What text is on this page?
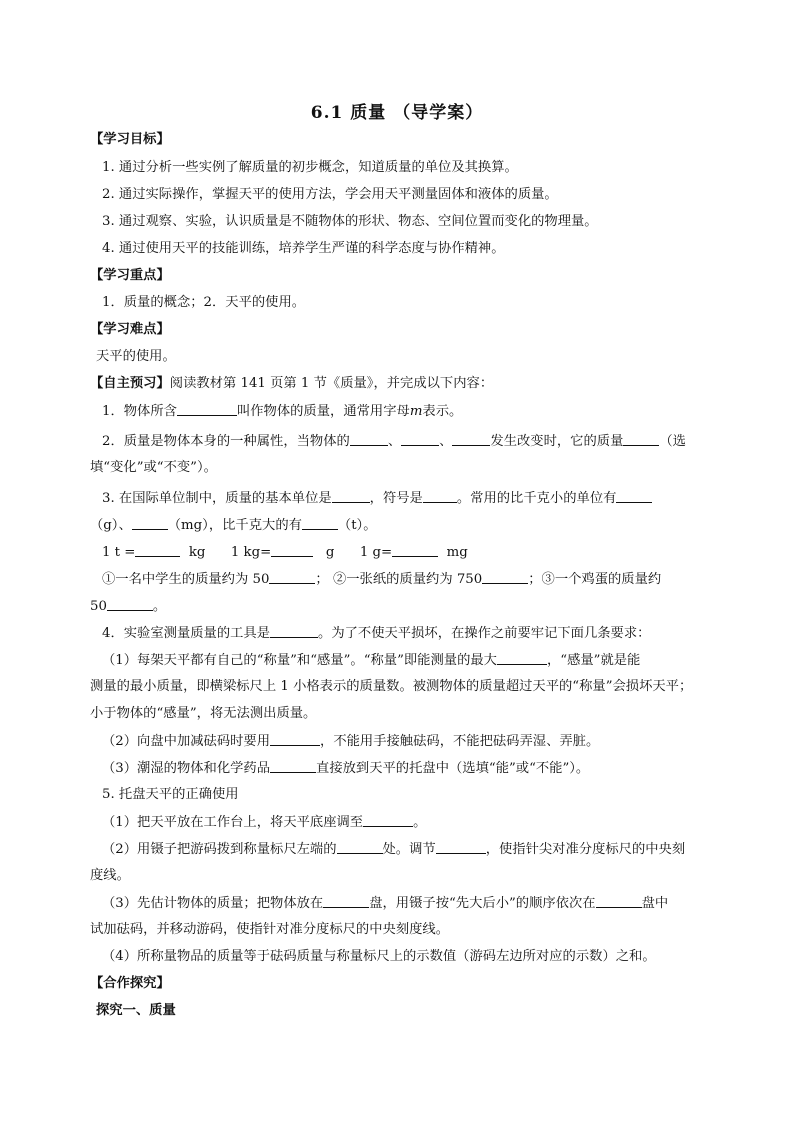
6.1 质量 （导学案）
【学习目标】
1. 通过分析一些实例了解质量的初步概念，知道质量的单位及其换算。
2. 通过实际操作，掌握天平的使用方法，学会用天平测量固体和液体的质量。
3. 通过观察、实验，认识质量是不随物体的形状、物态、空间位置而变化的物理量。
4. 通过使用天平的技能训练，培养学生严谨的科学态度与协作精神。
【学习重点】
1．质量的概念；2．天平的使用。
【学习难点】
天平的使用。
【自主预习】阅读教材第 141 页第 1 节《质量》，并完成以下内容：
1．物体所含	叫作物体的质量，通常用字母m表示。
2．质量是物体本身的一种属性，当物体的	、	、	发生改变时，它的质量	（选
填“变化”或“不变”）。
3. 在国际单位制中，质量的基本单位是	，符号是	。常用的比千克小的单位有
（g）、	（mg），比千克大的有	（t）。
1 t =	kg 1 kg=	g 1 g=	mg
①一名中学生的质量约为 50	； ②一张纸的质量约为 750	；③一个鸡蛋的质量约
50	。
4．实验室测量质量的工具是	。为了不使天平损坏，在操作之前要牢记下面几条要求：
（1）每架天平都有自己的“称量”和“感量”。“称量”即能测量的最大	，“感量”就是能
测量的最小质量，即横梁标尺上 1 小格表示的质量数。被测物体的质量超过天平的“称量”会损坏天平；
小于物体的“感量”，将无法测出质量。
（2）向盘中加减砝码时要用	，不能用手接触砝码，不能把砝码弄湿、弄脏。
（3）潮湿的物体和化学药品	直接放到天平的托盘中（选填“能”或“不能”）。
5. 托盘天平的正确使用
（1）把天平放在工作台上，将天平底座调至	。
（2）用镊子把游码拨到称量标尺左端的	处。调节	，使指针尖对准分度标尺的中央刻
度线。
（3）先估计物体的质量；把物体放在	盘，用镊子按“先大后小”的顺序依次在	盘中
试加砝码，并移动游码，使指针对准分度标尺的中央刻度线。
（4）所称量物品的质量等于砝码质量与称量标尺上的示数值（游码左边所对应的示数）之和。
【合作探究】
探究一、质量
